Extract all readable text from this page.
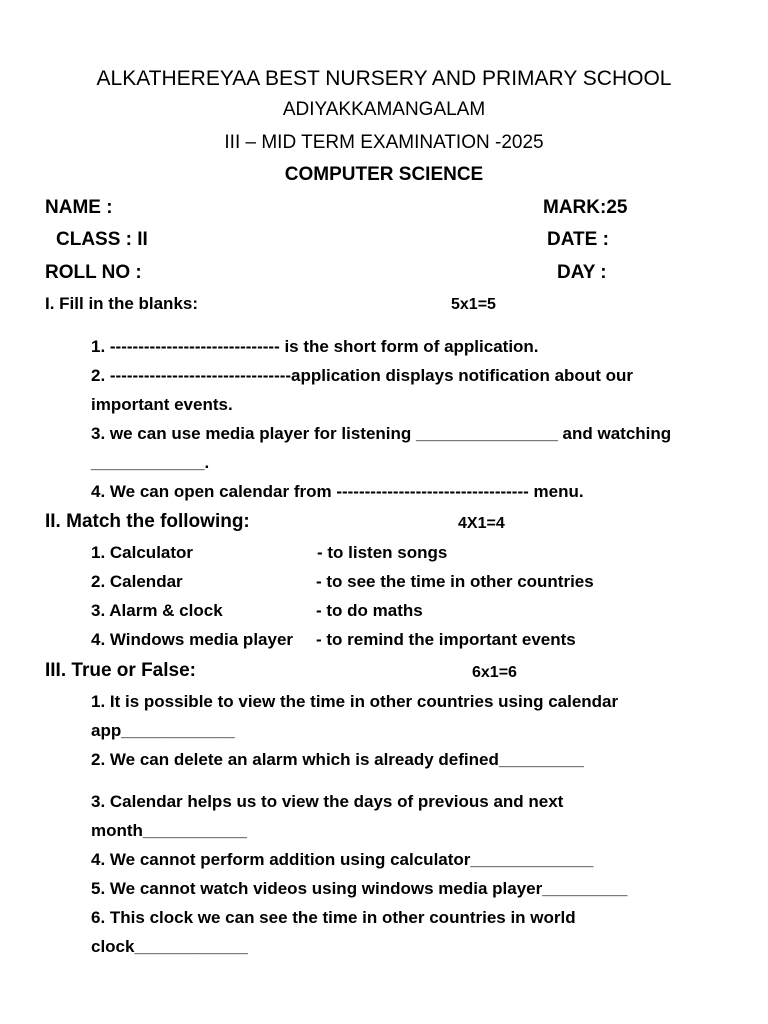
ALKATHEREYAA BEST NURSERY AND PRIMARY SCHOOL
ADIYAKKAMANGALAM
III – MID TERM EXAMINATION -2025
COMPUTER SCIENCE
NAME :	MARK:25
CLASS : II	DATE :
ROLL NO :	DAY :
I. Fill in the blanks:	5x1=5
1. ------------------------------ is the short form of application.
2. --------------------------------application displays notification about our
important events.
3. we can use media player for listening _______________ and watching
____________.
4. We can open calendar from ---------------------------------- menu.
II. Match the following:	4X1=4
1. Calculator	- to listen songs
2. Calendar	- to see the time in other countries
3. Alarm & clock	- to do maths
4. Windows media player - to remind the important events
III. True or False:	6x1=6
1. It is possible to view the time in other countries using calendar
app____________
2. We can delete an alarm which is already defined_________
3. Calendar helps us to view the days of previous and next
month___________
4. We cannot perform addition using calculator_____________
5. We cannot watch videos using windows media player_________
6. This clock we can see the time in other countries in world
clock____________
